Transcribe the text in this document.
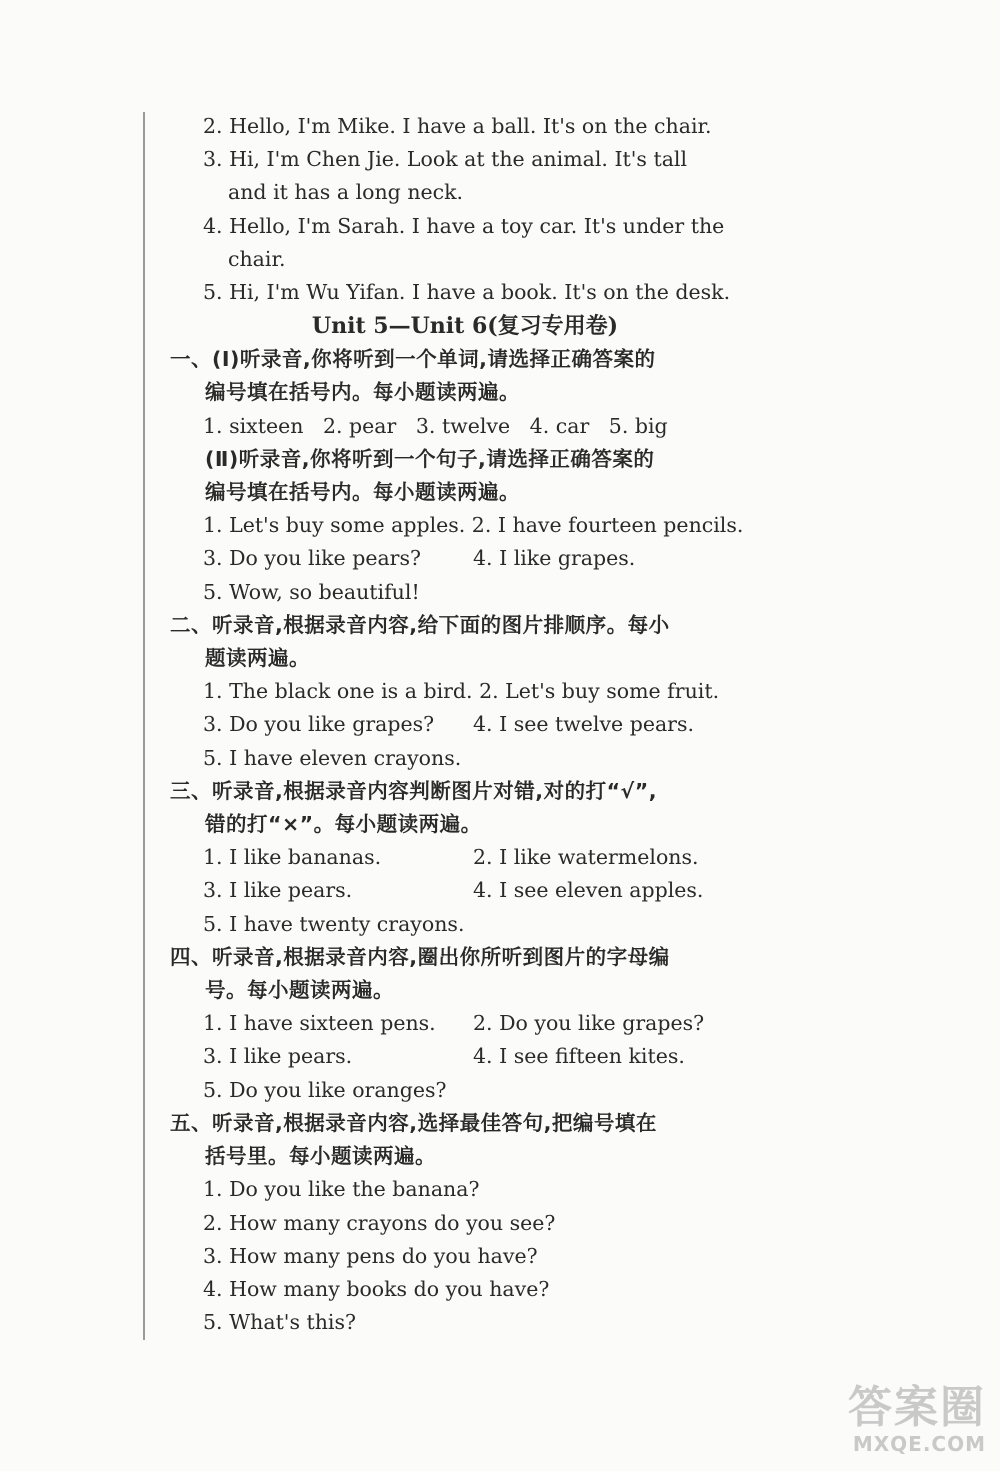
2. Hello, I'm Mike. I have a ball. It's on the chair.
3. Hi, I'm Chen Jie. Look at the animal. It's tall
and it has a long neck.
4. Hello, I'm Sarah. I have a toy car. It's under the
chair.
5. Hi, I'm Wu Yifan. I have a book. It's on the desk.
Unit 5—Unit 6(复习专用卷)
一、(Ⅰ)听录音,你将听到一个单词,请选择正确答案的
编号填在括号内。每小题读两遍。
1. sixteen   2. pear   3. twelve   4. car   5. big
(Ⅱ)听录音,你将听到一个句子,请选择正确答案的
编号填在括号内。每小题读两遍。
1. Let's buy some apples. 2. I have fourteen pencils.
3. Do you like pears?	4. I like grapes.
5. Wow, so beautiful!
二、听录音,根据录音内容,给下面的图片排顺序。每小
题读两遍。
1. The black one is a bird. 2. Let's buy some fruit.
3. Do you like grapes?	4. I see twelve pears.
5. I have eleven crayons.
三、听录音,根据录音内容判断图片对错,对的打“√”,
错的打“×”。每小题读两遍。
1. I like bananas.	2. I like watermelons.
3. I like pears.	4. I see eleven apples.
5. I have twenty crayons.
四、听录音,根据录音内容,圈出你所听到图片的字母编
号。每小题读两遍。
1. I have sixteen pens.	2. Do you like grapes?
3. I like pears.	4. I see fifteen kites.
5. Do you like oranges?
五、听录音,根据录音内容,选择最佳答句,把编号填在
括号里。每小题读两遍。
1. Do you like the banana?
2. How many crayons do you see?
3. How many pens do you have?
4. How many books do you have?
5. What's this?
答案圈
MXQE.COM
